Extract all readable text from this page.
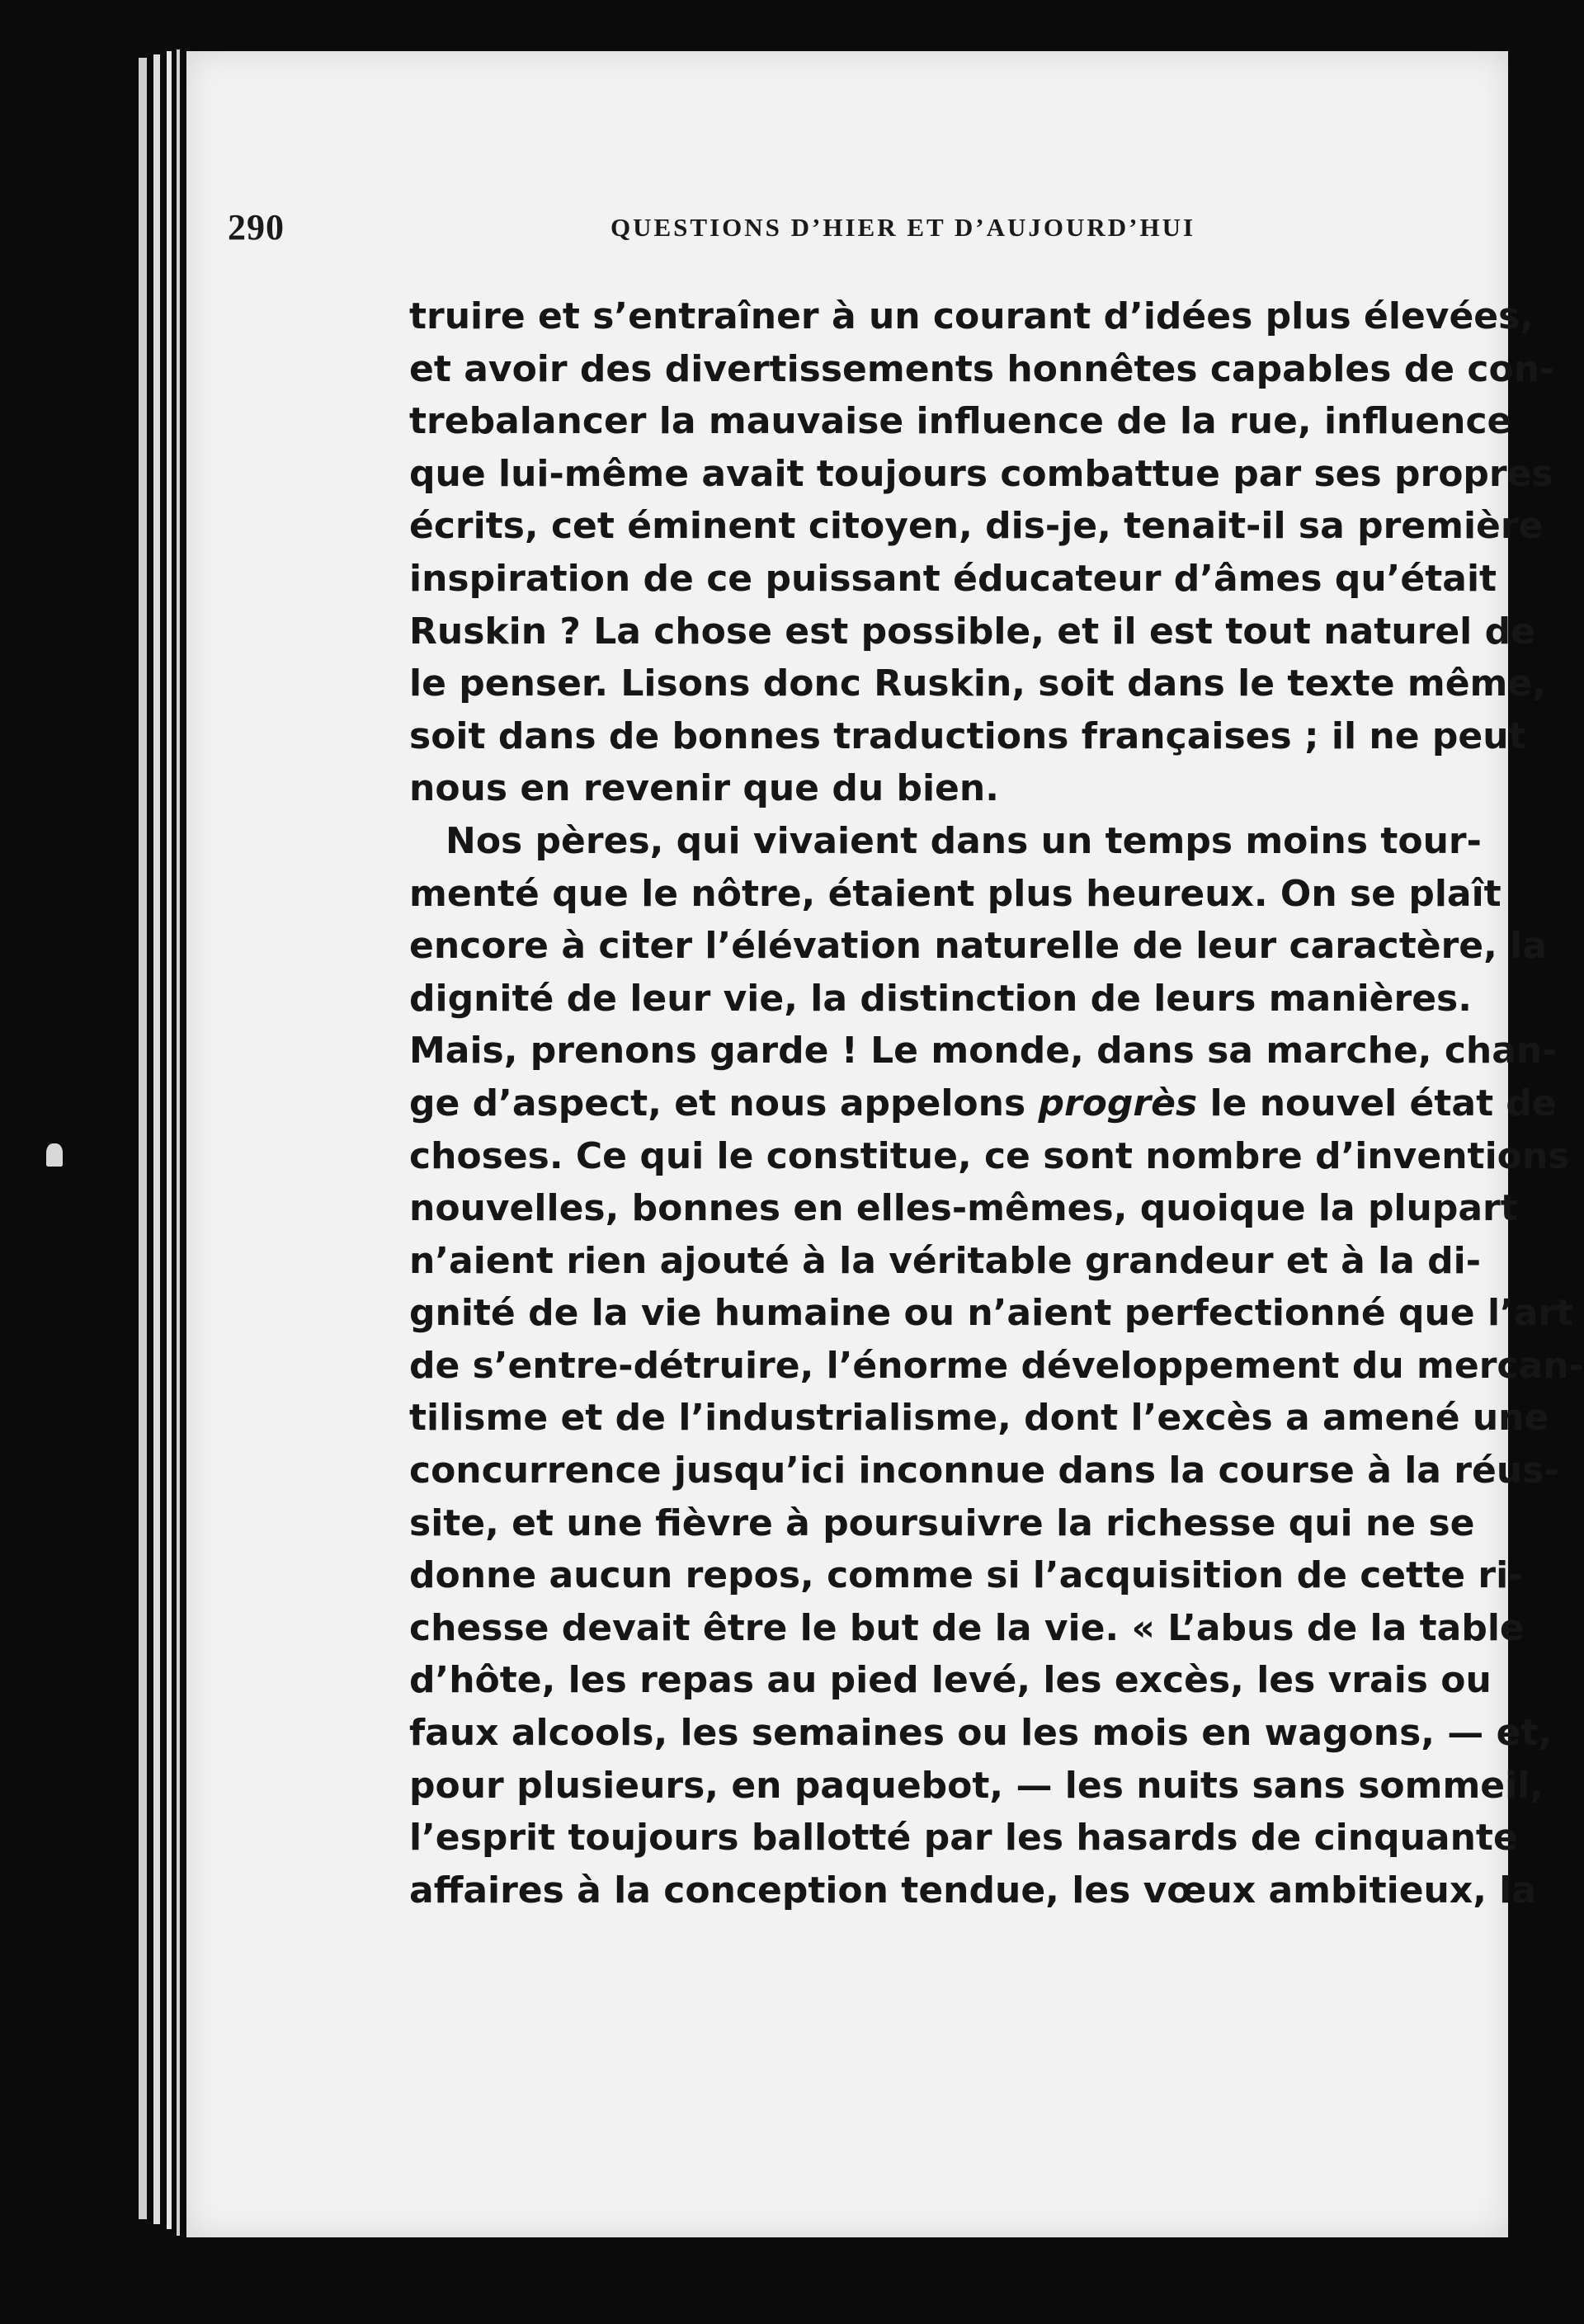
290	QUESTIONS D’HIER ET D’AUJOURD’HUI
truire et s’entraîner à un courant d’idées plus élevées,
et avoir des divertissements honnêtes capables de con-
trebalancer la mauvaise influence de la rue, influence
que lui-même avait toujours combattue par ses propres
écrits, cet éminent citoyen, dis-je, tenait-il sa première
inspiration de ce puissant éducateur d’âmes qu’était
Ruskin ? La chose est possible, et il est tout naturel de
le penser. Lisons donc Ruskin, soit dans le texte même,
soit dans de bonnes traductions françaises ; il ne peut
nous en revenir que du bien.
Nos pères, qui vivaient dans un temps moins tour-
menté que le nôtre, étaient plus heureux. On se plaît
encore à citer l’élévation naturelle de leur caractère, la
dignité de leur vie, la distinction de leurs manières.
Mais, prenons garde ! Le monde, dans sa marche, chan-
ge d’aspect, et nous appelons progrès le nouvel état de
choses. Ce qui le constitue, ce sont nombre d’inventions
nouvelles, bonnes en elles-mêmes, quoique la plupart
n’aient rien ajouté à la véritable grandeur et à la di-
gnité de la vie humaine ou n’aient perfectionné que l’art
de s’entre-détruire, l’énorme développement du mercan-
tilisme et de l’industrialisme, dont l’excès a amené une
concurrence jusqu’ici inconnue dans la course à la réus-
site, et une fièvre à poursuivre la richesse qui ne se
donne aucun repos, comme si l’acquisition de cette ri-
chesse devait être le but de la vie. « L’abus de la table
d’hôte, les repas au pied levé, les excès, les vrais ou
faux alcools, les semaines ou les mois en wagons, — et,
pour plusieurs, en paquebot, — les nuits sans sommeil,
l’esprit toujours ballotté par les hasards de cinquante
affaires à la conception tendue, les vœux ambitieux, la
